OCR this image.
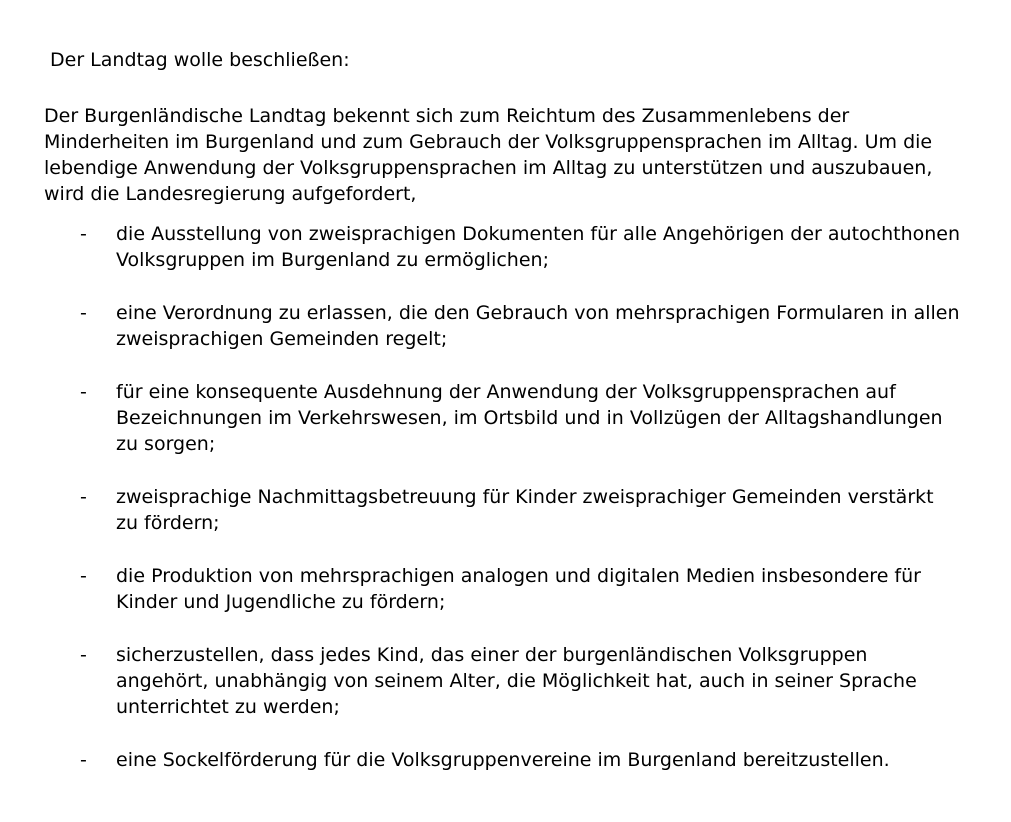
Der Landtag wolle beschließen:

Der Burgenländische Landtag bekennt sich zum Reichtum des Zusammenlebens der Minderheiten im Burgenland und zum Gebrauch der Volksgruppensprachen im Alltag. Um die lebendige Anwendung der Volksgruppensprachen im Alltag zu unterstützen und auszubauen, wird die Landesregierung aufgefordert,

-	die Ausstellung von zweisprachigen Dokumenten für alle Angehörigen der autochthonen Volksgruppen im Burgenland zu ermöglichen;
-	eine Verordnung zu erlassen, die den Gebrauch von mehrsprachigen Formularen in allen zweisprachigen Gemeinden regelt;
-	für eine konsequente Ausdehnung der Anwendung der Volksgruppensprachen auf Bezeichnungen im Verkehrswesen, im Ortsbild und in Vollzügen der Alltagshandlungen zu sorgen;
-	zweisprachige Nachmittagsbetreuung für Kinder zweisprachiger Gemeinden verstärkt zu fördern;
-	die Produktion von mehrsprachigen analogen und digitalen Medien insbesondere für Kinder und Jugendliche zu fördern;
-	sicherzustellen, dass jedes Kind, das einer der burgenländischen Volksgruppen angehört, unabhängig von seinem Alter, die Möglichkeit hat, auch in seiner Sprache unterrichtet zu werden;
-	eine Sockelförderung für die Volksgruppenvereine im Burgenland bereitzustellen.
